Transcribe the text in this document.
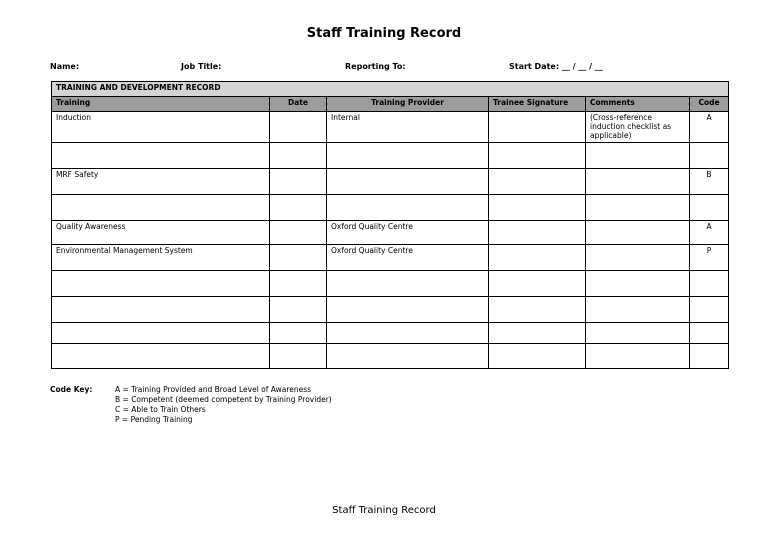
Staff Training Record
Name:	Job Title:	Reporting To:	Start Date: __ / __ / __
TRAINING AND DEVELOPMENT RECORD					
Training	Date	Training Provider	Trainee Signature	Comments	Code
Induction		Internal		(Cross-reference induction checklist as applicable)	A

MRF Safety					B

Quality Awareness		Oxford Quality Centre			A
Environmental Management System		Oxford Quality Centre			P

Code Key:	A = Training Provided and Broad Level of Awareness
B = Competent (deemed competent by Training Provider)
C = Able to Train Others
P = Pending Training
Staff Training Record
